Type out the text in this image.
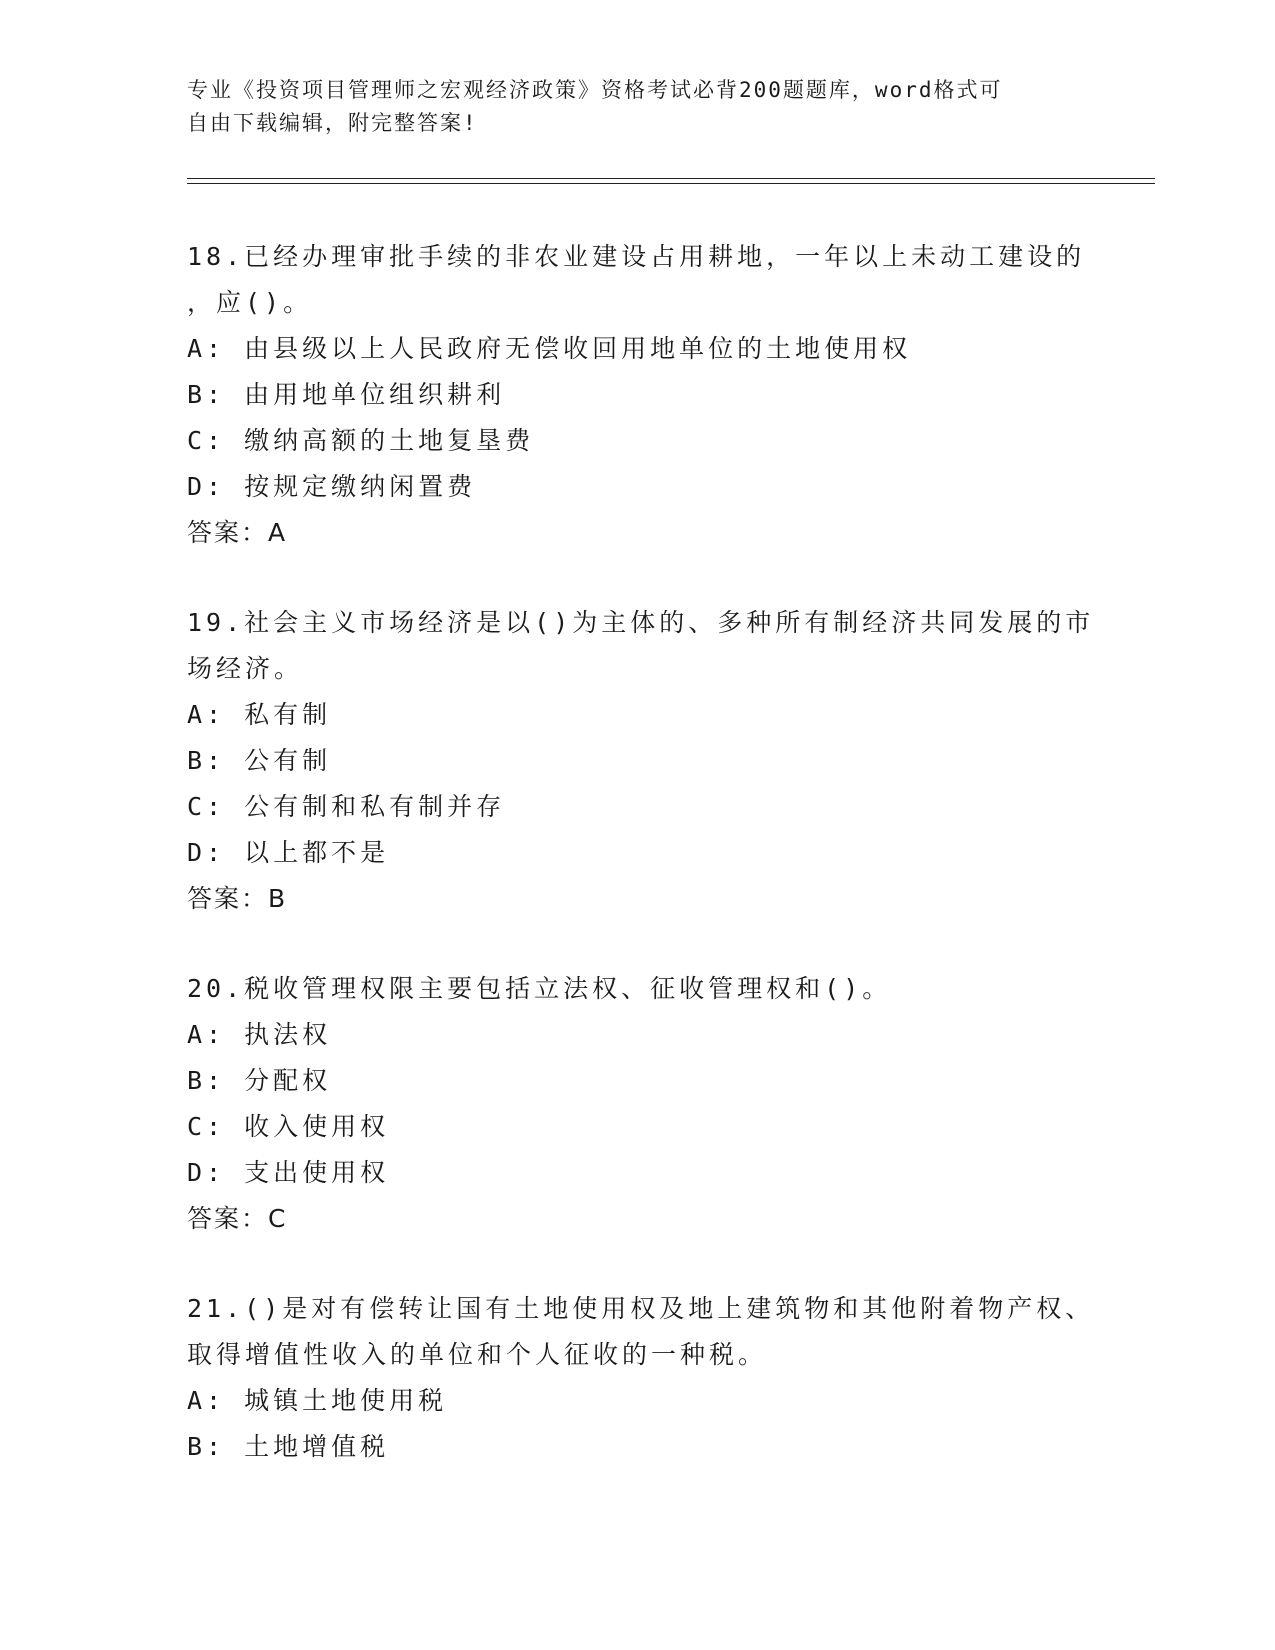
专业《投资项目管理师之宏观经济政策》资格考试必背200题题库，word格式可
自由下载编辑，附完整答案!
18.已经办理审批手续的非农业建设占用耕地，一年以上未动工建设的
，应()。
A: 由县级以上人民政府无偿收回用地单位的土地使用权
B: 由用地单位组织耕利
C: 缴纳高额的土地复垦费
D: 按规定缴纳闲置费
答案：A
19.社会主义市场经济是以()为主体的、多种所有制经济共同发展的市
场经济。
A: 私有制
B: 公有制
C: 公有制和私有制并存
D: 以上都不是
答案：B
20.税收管理权限主要包括立法权、征收管理权和()。
A: 执法权
B: 分配权
C: 收入使用权
D: 支出使用权
答案：C
21.()是对有偿转让国有土地使用权及地上建筑物和其他附着物产权、
取得增值性收入的单位和个人征收的一种税。
A: 城镇土地使用税
B: 土地增值税
